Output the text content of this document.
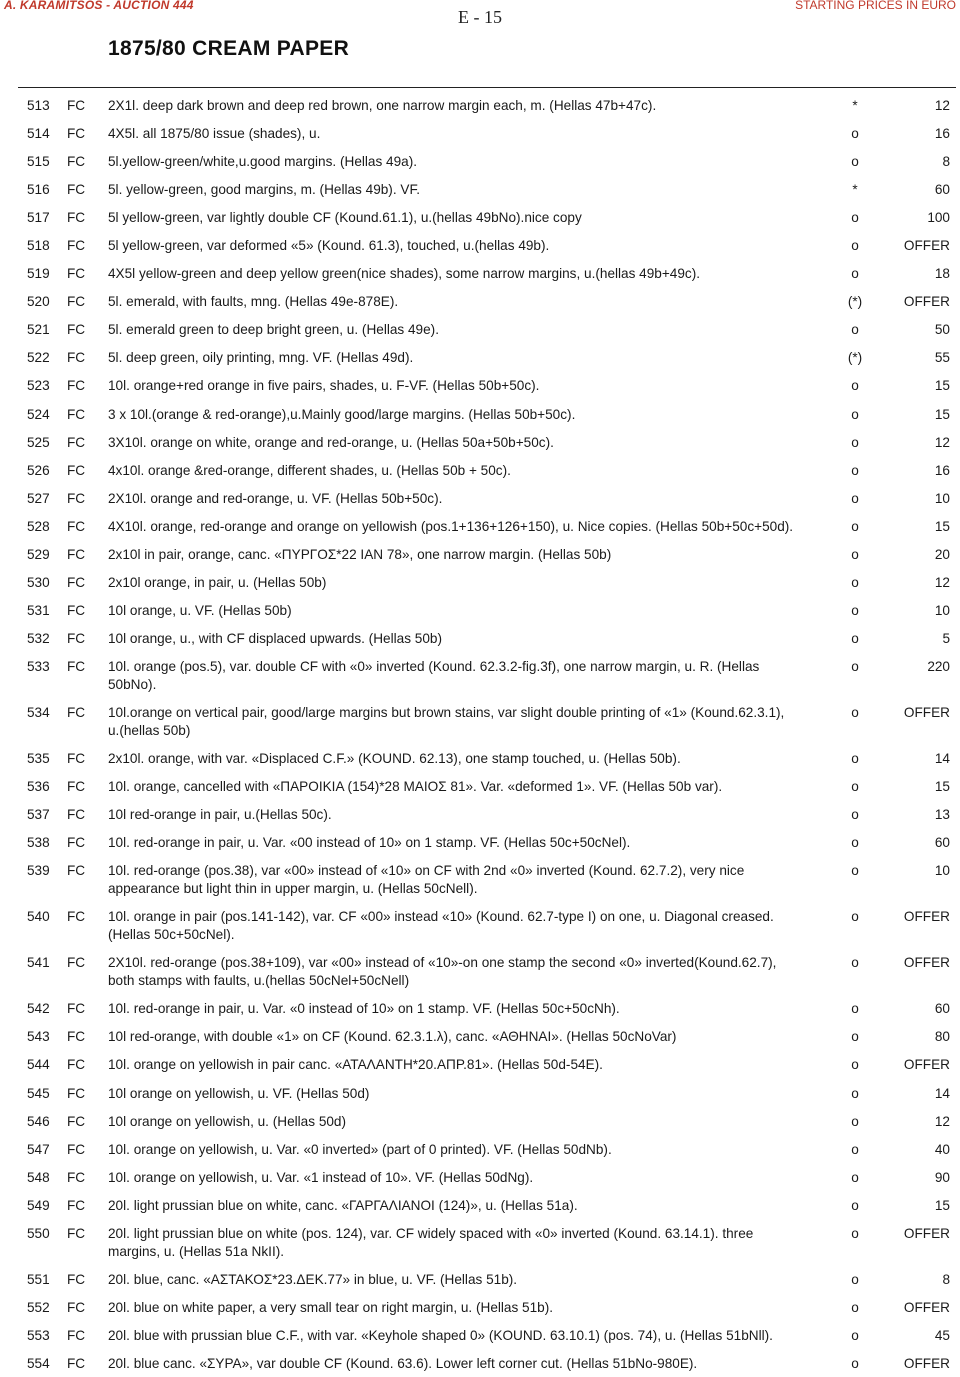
A. KARAMITSOS - AUCTION 444
E - 15
STARTING PRICES IN EURO
1875/80 CREAM PAPER
513 FC 2X1l. deep dark brown and deep red brown, one narrow margin each, m. (Hellas 47b+47c).	*	12
514 FC 4X5l. all 1875/80 issue (shades), u.	o	16
515 FC 5l.yellow-green/white,u.good margins. (Hellas 49a).	o	8
516 FC 5l. yellow-green, good margins, m. (Hellas 49b). VF.	*	60
517 FC 5l yellow-green, var lightly double CF (Kound.61.1), u.(hellas 49bNo).nice copy	o	100
518 FC 5l yellow-green, var deformed «5» (Kound. 61.3), touched, u.(hellas 49b).	o	OFFER
519 FC 4X5l yellow-green and deep yellow green(nice shades), some narrow margins, u.(hellas 49b+49c).	o	18
520 FC 5l. emerald, with faults, mng. (Hellas 49e-878E).	(*)	OFFER
521 FC 5l. emerald green to deep bright green, u. (Hellas 49e).	o	50
522 FC 5l. deep green, oily printing, mng. VF. (Hellas 49d).	(*)	55
523 FC 10l. orange+red orange in five pairs, shades, u. F-VF. (Hellas 50b+50c).	o	15
524 FC 3 x 10l.(orange & red-orange),u.Mainly good/large margins. (Hellas 50b+50c).	o	15
525 FC 3X10l. orange on white, orange and red-orange, u. (Hellas 50a+50b+50c).	o	12
526 FC 4x10l. orange &red-orange, different shades, u. (Hellas 50b + 50c).	o	16
527 FC 2X10l. orange and red-orange, u. VF. (Hellas 50b+50c).	o	10
528 FC 4X10l. orange, red-orange and orange on yellowish (pos.1+136+126+150), u. Nice copies. (Hellas 50b+50c+50d).	o	15
529 FC 2x10l in pair, orange, canc. «ΠΥΡΓΟΣ*22 ΙΑΝ 78», one narrow margin. (Hellas 50b)	o	20
530 FC 2x10l orange, in pair, u. (Hellas 50b)	o	12
531 FC 10l orange, u. VF. (Hellas 50b)	o	10
532 FC 10l orange, u., with CF displaced upwards. (Hellas 50b)	o	5
533 FC 10l. orange (pos.5), var. double CF with «0» inverted (Kound. 62.3.2-fig.3f), one narrow margin, u. R. (Hellas 50bNo).
o	220
534 FC 10l.orange on vertical pair, good/large margins but brown stains, var slight double printing of «1» (Kound.62.3.1), u.(hellas 50b)
o	OFFER
535 FC 2x10l. orange, with var. «Displaced C.F.» (KOUND. 62.13), one stamp touched, u. (Hellas 50b).	o	14
536 FC 10l. orange, cancelled with «ΠΑΡΟΙΚΙΑ (154)*28 ΜΑΙΟΣ 81». Var. «deformed 1». VF. (Hellas 50b var).	o	15
537 FC 10l red-orange in pair, u.(Hellas 50c).	o	13
538 FC 10l. red-orange in pair, u. Var. «00 instead of 10» on 1 stamp. VF. (Hellas 50c+50cNel).	o	60
539 FC 10l. red-orange (pos.38), var «00» instead of «10» on CF with 2nd «0» inverted (Kound. 62.7.2), very nice appearance but light thin in upper margin, u. (Hellas 50cNell).
o	10
540 FC 10l. orange in pair (pos.141-142), var. CF «00» instead «10» (Kound. 62.7-type I) on one, u. Diagonal creased. (Hellas 50c+50cNel).
o	OFFER
541 FC 2X10l. red-orange (pos.38+109), var «00» instead of «10»-on one stamp the second «0» inverted(Kound.62.7), both stamps with faults, u.(hellas 50cNel+50cNell)
o	OFFER
542 FC 10l. red-orange in pair, u. Var. «0 instead of 10» on 1 stamp. VF. (Hellas 50c+50cNh).	o	60
543 FC 10l red-orange, with double «1» on CF (Kound. 62.3.1.λ), canc. «ΑΘΗΝΑΙ». (Hellas 50cNoVar)	o	80
544 FC 10l. orange on yellowish in pair canc. «ΑΤΑΛΑΝΤΗ*20.ΑΠΡ.81». (Hellas 50d-54E).	o	OFFER
545 FC 10l orange on yellowish, u. VF. (Hellas 50d)	o	14
546 FC 10l orange on yellowish, u. (Hellas 50d)	o	12
547 FC 10l. orange on yellowish, u. Var. «0 inverted» (part of 0 printed). VF. (Hellas 50dNb).	o	40
548 FC 10l. orange on yellowish, u. Var. «1 instead of 10». VF. (Hellas 50dNg).	o	90
549 FC 20l. light prussian blue on white, canc. «ΓΑΡΓΑΛΙΑΝΟΙ (124)», u. (Hellas 51a).	o	15
550 FC 20l. light prussian blue on white (pos. 124), var. CF widely spaced with «0» inverted (Kound. 63.14.1). three margins, u. (Hellas 51a NkII).
o	OFFER
551 FC 20l. blue, canc. «ΑΣΤΑΚΟΣ*23.ΔΕΚ.77» in blue, u. VF. (Hellas 51b).	o	8
552 FC 20l. blue on white paper, a very small tear on right margin, u. (Hellas 51b).	o	OFFER
553 FC 20l. blue with prussian blue C.F., with var. «Keyhole shaped 0» (KOUND. 63.10.1) (pos. 74), u. (Hellas 51bNll).	o	45
554 FC 20l. blue canc. «ΣΥΡΑ», var double CF (Kound. 63.6). Lower left corner cut. (Hellas 51bNo-980E).	o	OFFER
